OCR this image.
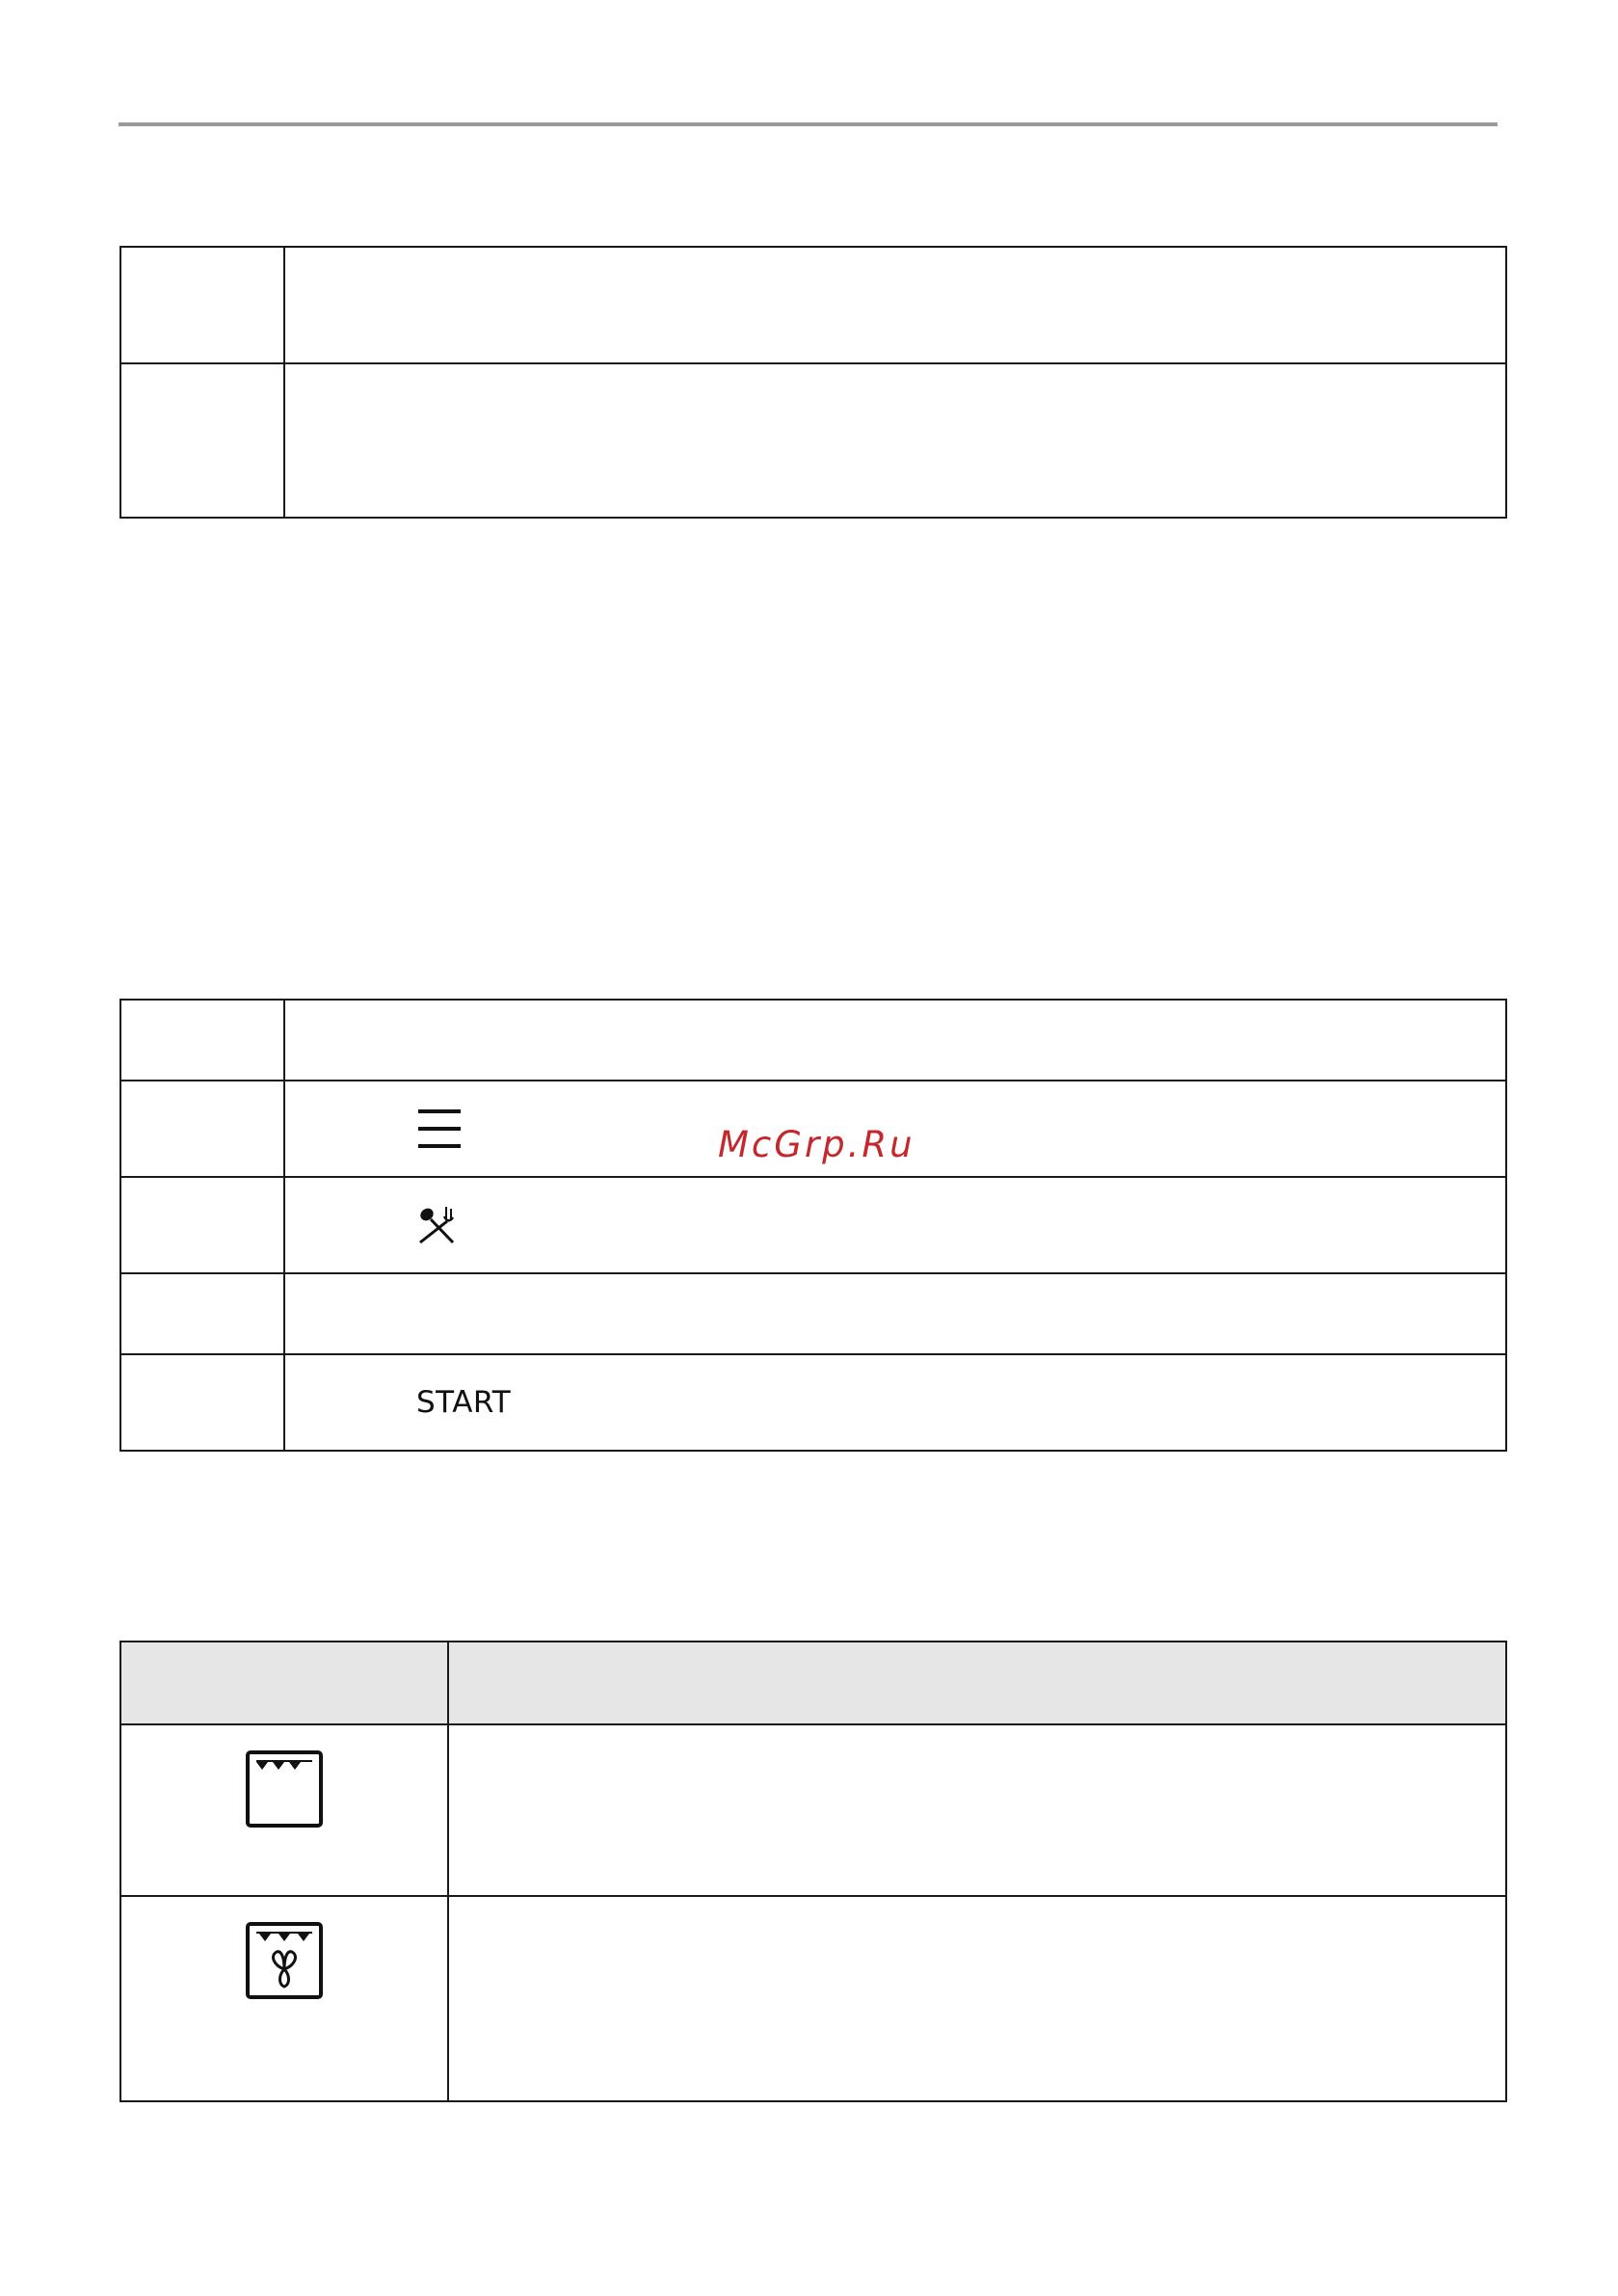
	START

McGrp.Ru
